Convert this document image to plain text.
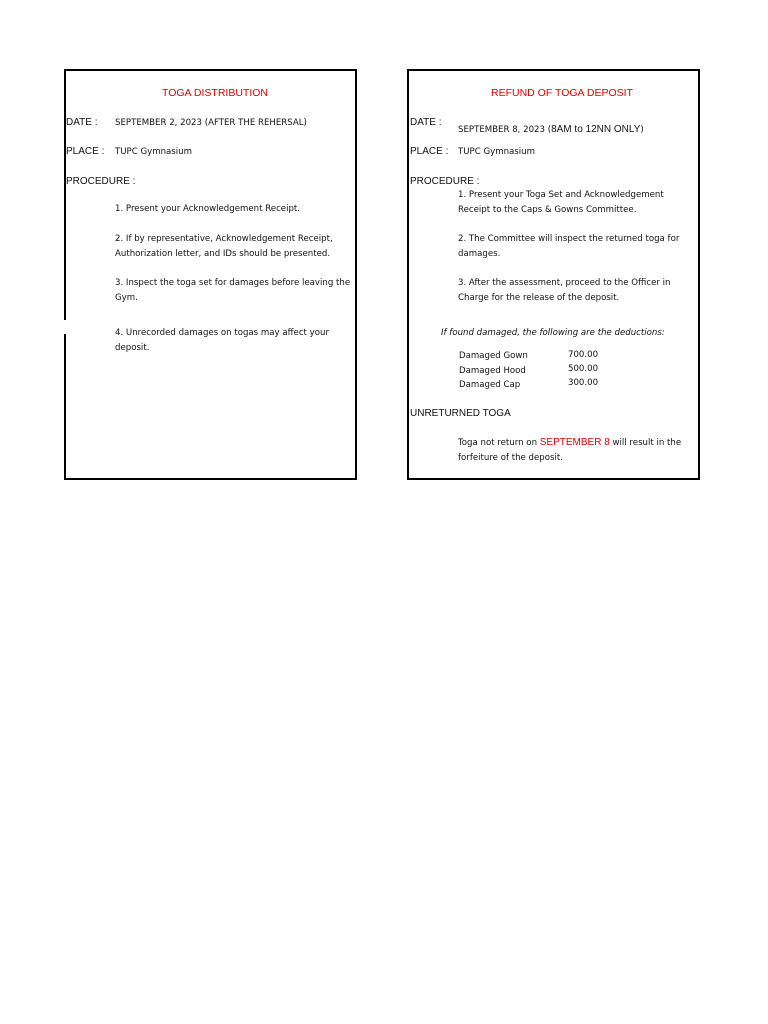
TOGA DISTRIBUTION
DATE : SEPTEMBER 2, 2023 (AFTER THE REHERSAL)
PLACE : TUPC Gymnasium
PROCEDURE :
1. Present your Acknowledgement Receipt.
2. If by representative, Acknowledgement Receipt, Authorization letter, and IDs should be presented.
3. Inspect the toga set for damages before leaving the Gym.
4. Unrecorded damages on togas may affect your deposit.
REFUND OF TOGA DEPOSIT
DATE :
SEPTEMBER 8, 2023 (8AM to 12NN ONLY)
PLACE : TUPC Gymnasium
PROCEDURE :
1. Present your Toga Set and Acknowledgement Receipt to the Caps & Gowns Committee.
2. The Committee will inspect the returned toga for damages.
3. After the assessment, proceed to the Officer in Charge for the release of the deposit.
If found damaged, the following are the deductions:
Damaged Gown	700.00
Damaged Hood	500.00
Damaged Cap	300.00
UNRETURNED TOGA
Toga not return on SEPTEMBER 8 will result in the forfeiture of the deposit.
